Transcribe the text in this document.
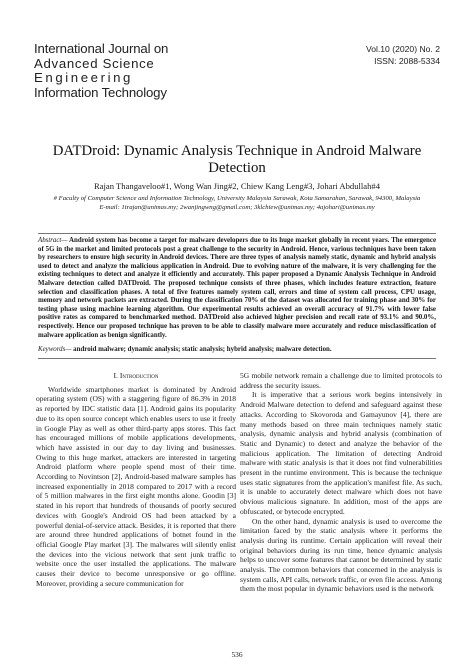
International Journal on
Advanced Science
Engineering
Information Technology
Vol.10 (2020) No. 2
ISSN: 2088-5334
DATDroid: Dynamic Analysis Technique in Android Malware
Detection
Rajan Thangaveloo#1, Wong Wan Jing#2, Chiew Kang Leng#3, Johari Abdullah#4
# Faculty of Computer Science and Information Technology, University Malaysia Sarawak, Kota Samarahan, Sarawak, 94300, Malaysia
E-mail: 1trajan@unimas.my; 2wanjingwng@gmail.com; 3klchiew@unimas.my; 4ajohari@unimas.my
Abstract— Android system has become a target for malware developers due to its huge market globally in recent years. The emergence of 5G in the market and limited protocols post a great challenge to the security in Android. Hence, various techniques have been taken by researchers to ensure high security in Android devices. There are three types of analysis namely static, dynamic and hybrid analysis used to detect and analyze the malicious application in Android. Due to evolving nature of the malware, it is very challenging for the existing techniques to detect and analyze it efficiently and accurately. This paper proposed a Dynamic Analysis Technique in Android Malware detection called DATDroid. The proposed technique consists of three phases, which includes feature extraction, feature selection and classification phases. A total of five features namely system call, errors and time of system call process, CPU usage, memory and network packets are extracted. During the classification 70% of the dataset was allocated for training phase and 30% for testing phase using machine learning algorithm. Our experimental results achieved an overall accuracy of 91.7% with lower false positive rates as compared to benchmarked method. DATDroid also achieved higher precision and recall rate of 93.1% and 90.0%, respectively. Hence our proposed technique has proven to be able to classify malware more accurately and reduce misclassification of malware application as benign significantly.
Keywords— android malware; dynamic analysis; static analysis; hybrid analysis; malware detection.

I. Introduction

Worldwide smartphones market is dominated by Android operating system (OS) with a staggering figure of 86.3% in 2018 as reported by IDC statistic data [1]. Android gains its popularity due to its open source concept which enables users to use it freely in Google Play as well as other third-party apps stores. This fact has encouraged millions of mobile applications developments, which have assisted in our day to day living and businesses. Owing to this huge market, attackers are interested in targeting Android platform where people spend most of their time. According to Novintson [2], Android-based malware samples has increased exponentially in 2018 compared to 2017 with a record of 5 million malwares in the first eight months alone. Goodin [3] stated in his report that hundreds of thousands of poorly secured devices with Google's Android OS had been attacked by a powerful denial-of-service attack. Besides, it is reported that there are around three hundred applications of botnet found in the official Google Play market [3]. The malwares will silently enlist the devices into the vicious network that sent junk traffic to website once the user installed the applications. The malware causes their device to become unresponsive or go offline. Moreover, providing a secure communication for

5G mobile network remain a challenge due to limited protocols to address the security issues.

It is imperative that a serious work begins intensively in Android Malware detection to defend and safeguard against these attacks. According to Skovoroda and Gamayunov [4], there are many methods based on three main techniques namely static analysis, dynamic analysis and hybrid analysis (combination of Static and Dynamic) to detect and analyze the behavior of the malicious application. The limitation of detecting Android malware with static analysis is that it does not find vulnerabilities present in the runtime environment. This is because the technique uses static signatures from the application's manifest file. As such, it is unable to accurately detect malware which does not have obvious malicious signature. In addition, most of the apps are obfuscated, or bytecode encrypted.

On the other hand, dynamic analysis is used to overcome the limitation faced by the static analysis where it performs the analysis during its runtime. Certain application will reveal their original behaviors during its run time, hence dynamic analysis helps to uncover some features that cannot be determined by static analysis. The common behaviors that concerned in the analysis is system calls, API calls, network traffic, or even file access. Among them the most popular in dynamic behaviors used is the network

536
